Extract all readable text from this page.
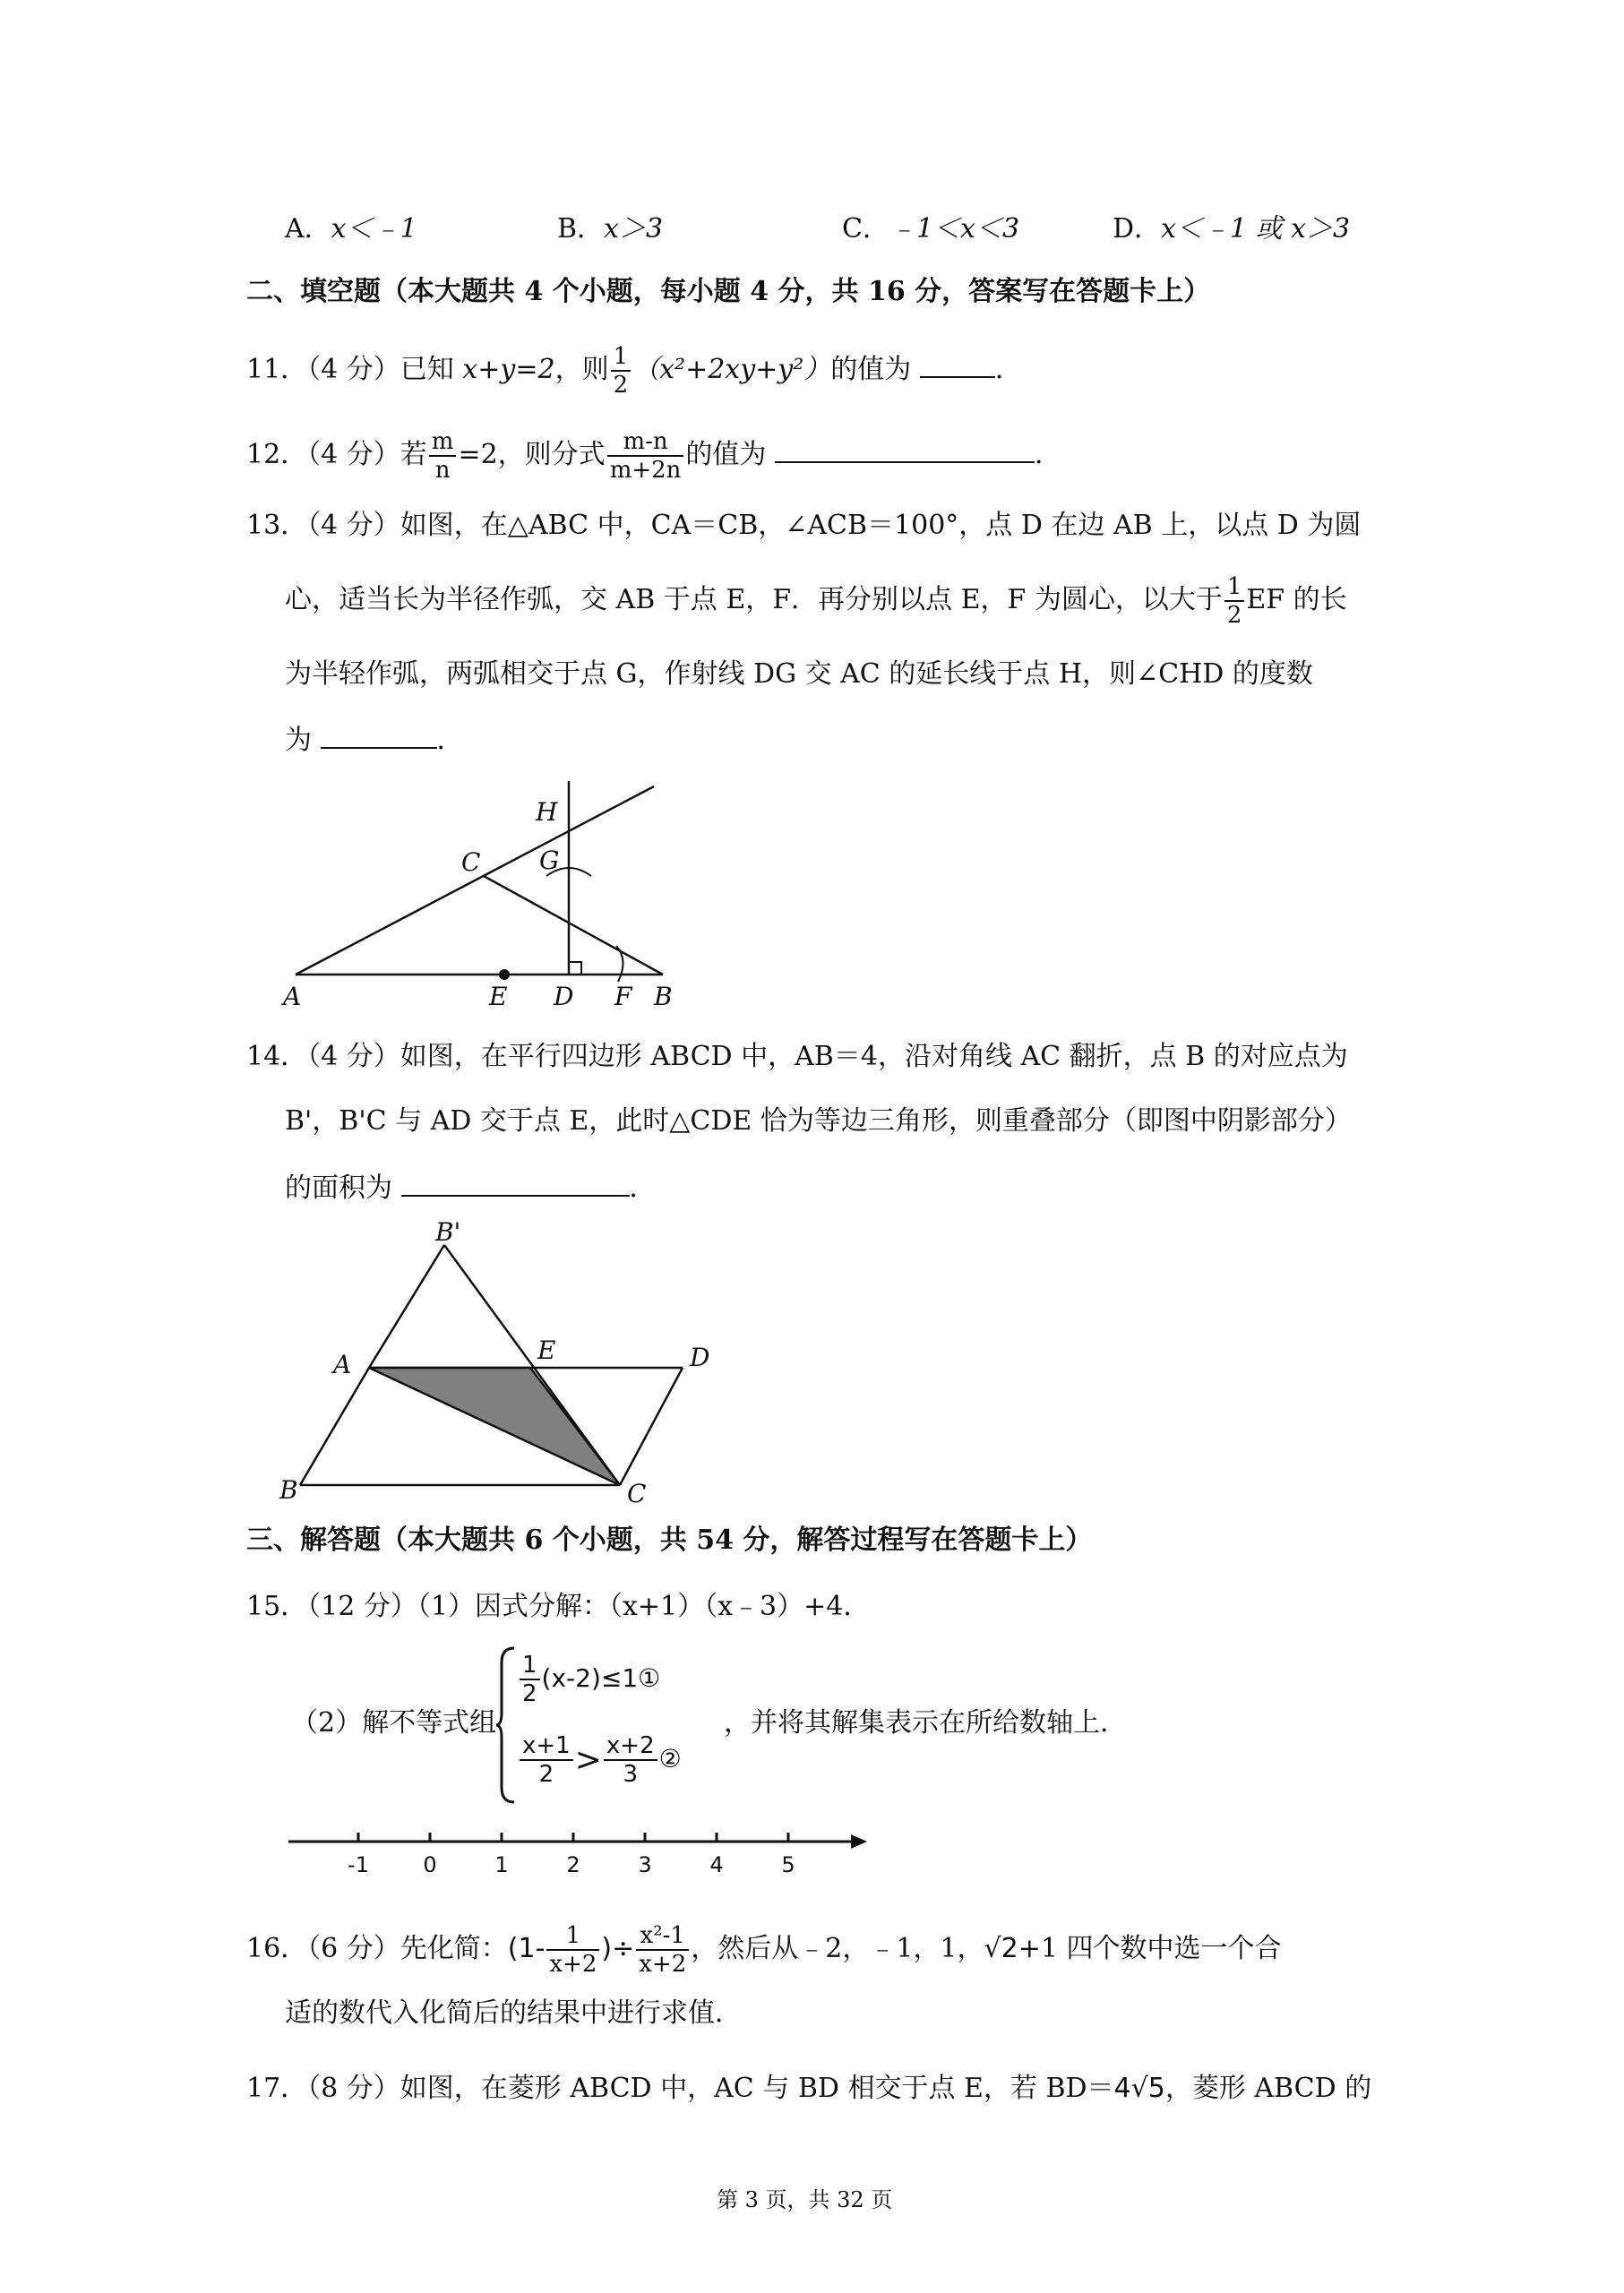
A．x＜﹣1	B．x＞3	C．﹣1＜x＜3	D．x＜﹣1 或 x＞3
二、填空题（本大题共 4 个小题，每小题 4 分，共 16 分，答案写在答题卡上）
11．（4 分）已知 x+y=2，则 $\frac{1}{2} (x^2+2xy+y^2)$的值为	．
12．（4 分）若 $\frac{m}{n} =2$，则分式 $\frac{m-n}{m+2n}$ 的值为	．
13．（4 分）如图，在△ABC 中，CA＝CB，∠ACB＝100°，点 D 在边 AB 上，以点 D 为圆
心，适当长为半径作弧，交 AB 于点 E，F．再分别以点 E，F 为圆心，以大于 $\frac{1}{2}$ EF 的长
为半轻作弧，两弧相交于点 G，作射线 DG 交 AC 的延长线于点 H，则∠CHD 的度数
为	．
A	E D F B
C G
H
14．（4 分）如图，在平行四边形 ABCD 中，AB＝4，沿对角线 AC 翻折，点 B 的对应点为
B'，B'C 与 AD 交于点 E，此时△CDE 恰为等边三角形，则重叠部分（即图中阴影部分）
的面积为	．
B'
A	E	D
B	C
三、解答题（本大题共 6 个小题，共 54 分，解答过程写在答题卡上）
15．（12 分）（1）因式分解：（x+1）（x﹣3）+4．
（2）解不等式组
$\frac{1}{2}$ (x-2)≤1①
$\frac{x+1}{2} > \frac{x+2}{3}$ ②
，并将其解集表示在所给数轴上．
-1	0	1	2	3	4	5
16．（6 分）先化简：($1- \frac{1}{x+2}$ )÷ $\frac{\text{x²-1}}{x+2}$ ，然后从﹣2，﹣1，1，√2+1 四个数中选一个合
适的数代入化简后的结果中进行求值．
17．（8 分）如图，在菱形 ABCD 中，AC 与 BD 相交于点 E，若 BD＝4√5，菱形 ABCD 的
第 3 页，共 32 页
